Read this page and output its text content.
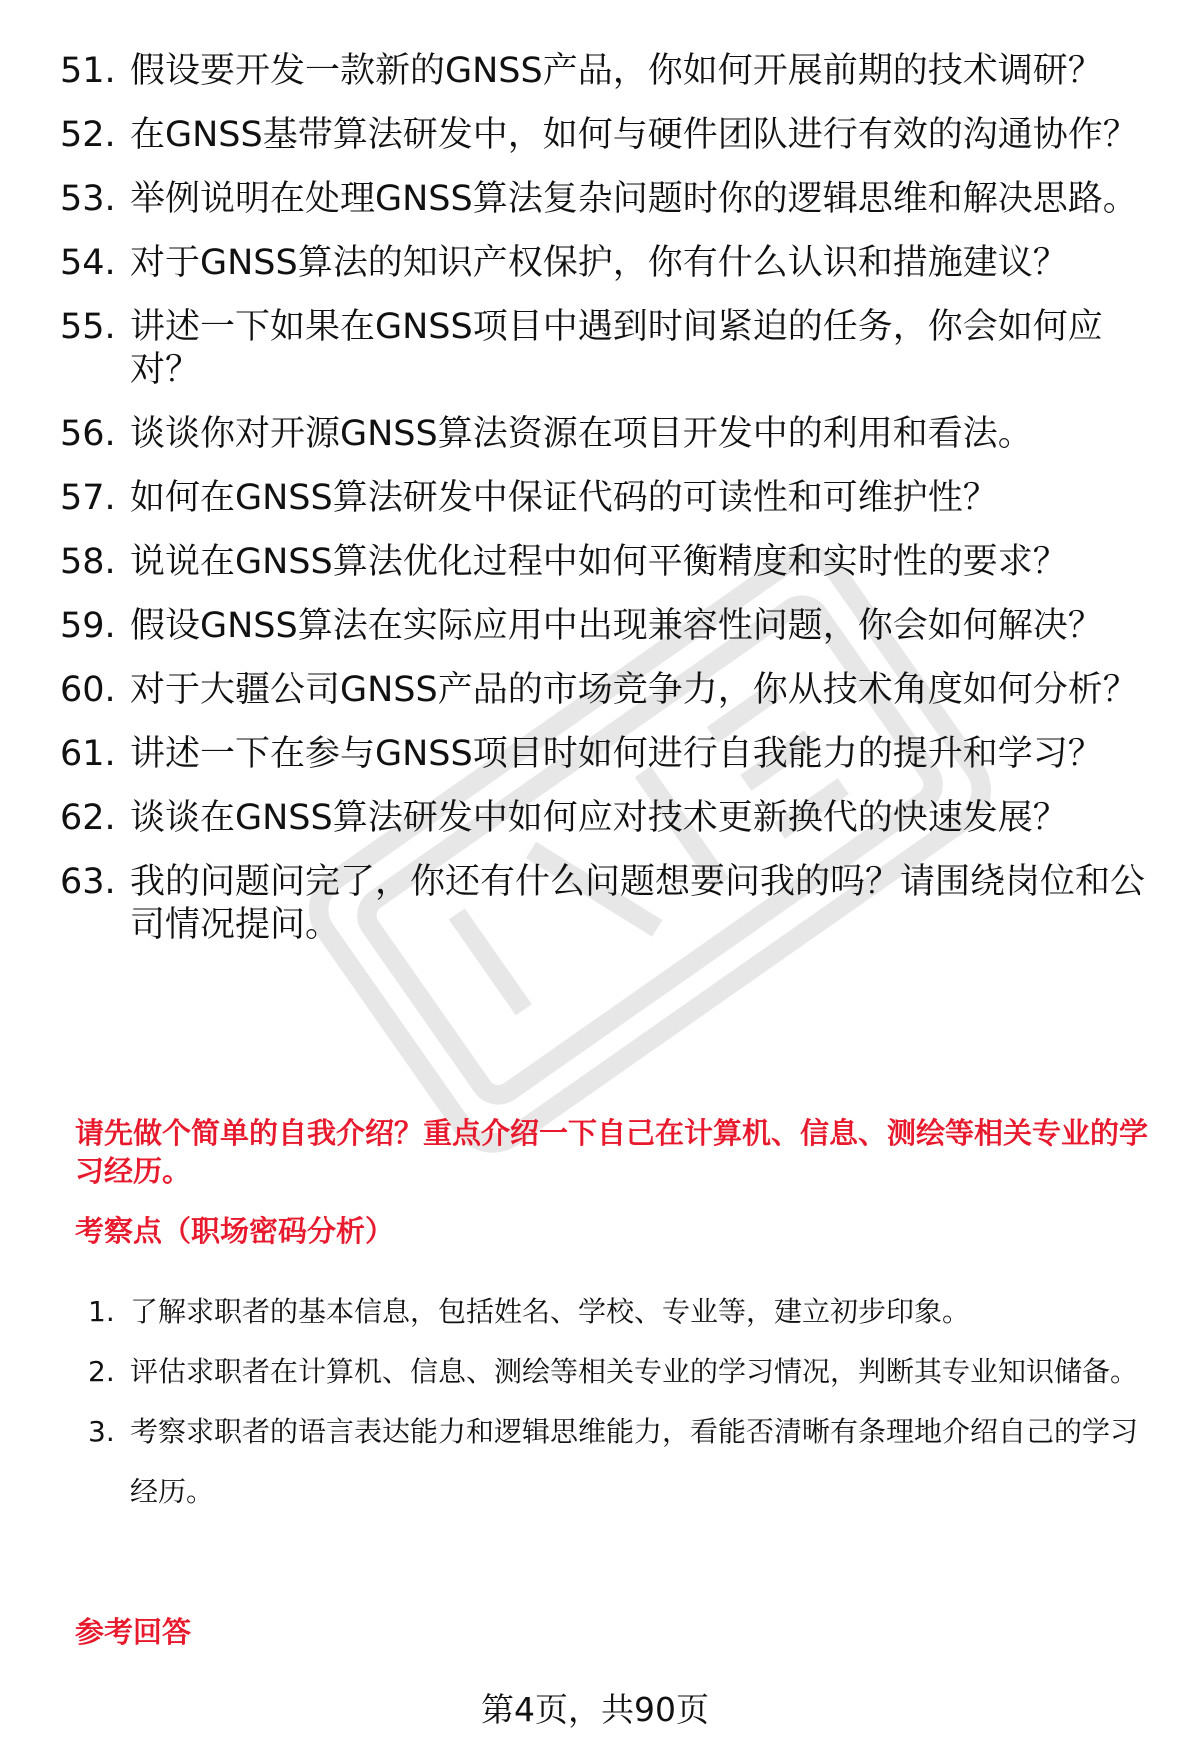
51. 假设要开发一款新的GNSS产品，你如何开展前期的技术调研？
52. 在GNSS基带算法研发中，如何与硬件团队进行有效的沟通协作？
53. 举例说明在处理GNSS算法复杂问题时你的逻辑思维和解决思路。
54. 对于GNSS算法的知识产权保护，你有什么认识和措施建议？
55. 讲述一下如果在GNSS项目中遇到时间紧迫的任务，你会如何应对？
56. 谈谈你对开源GNSS算法资源在项目开发中的利用和看法。
57. 如何在GNSS算法研发中保证代码的可读性和可维护性？
58. 说说在GNSS算法优化过程中如何平衡精度和实时性的要求？
59. 假设GNSS算法在实际应用中出现兼容性问题，你会如何解决？
60. 对于大疆公司GNSS产品的市场竞争力，你从技术角度如何分析？
61. 讲述一下在参与GNSS项目时如何进行自我能力的提升和学习？
62. 谈谈在GNSS算法研发中如何应对技术更新换代的快速发展？
63. 我的问题问完了，你还有什么问题想要问我的吗？请围绕岗位和公司情况提问。

请先做个简单的自我介绍？重点介绍一下自己在计算机、信息、测绘等相关专业的学习经历。

考察点（职场密码分析）

1. 了解求职者的基本信息，包括姓名、学校、专业等，建立初步印象。
2. 评估求职者在计算机、信息、测绘等相关专业的学习情况，判断其专业知识储备。
3. 考察求职者的语言表达能力和逻辑思维能力，看能否清晰有条理地介绍自己的学习经历。

参考回答

第4页，共90页
